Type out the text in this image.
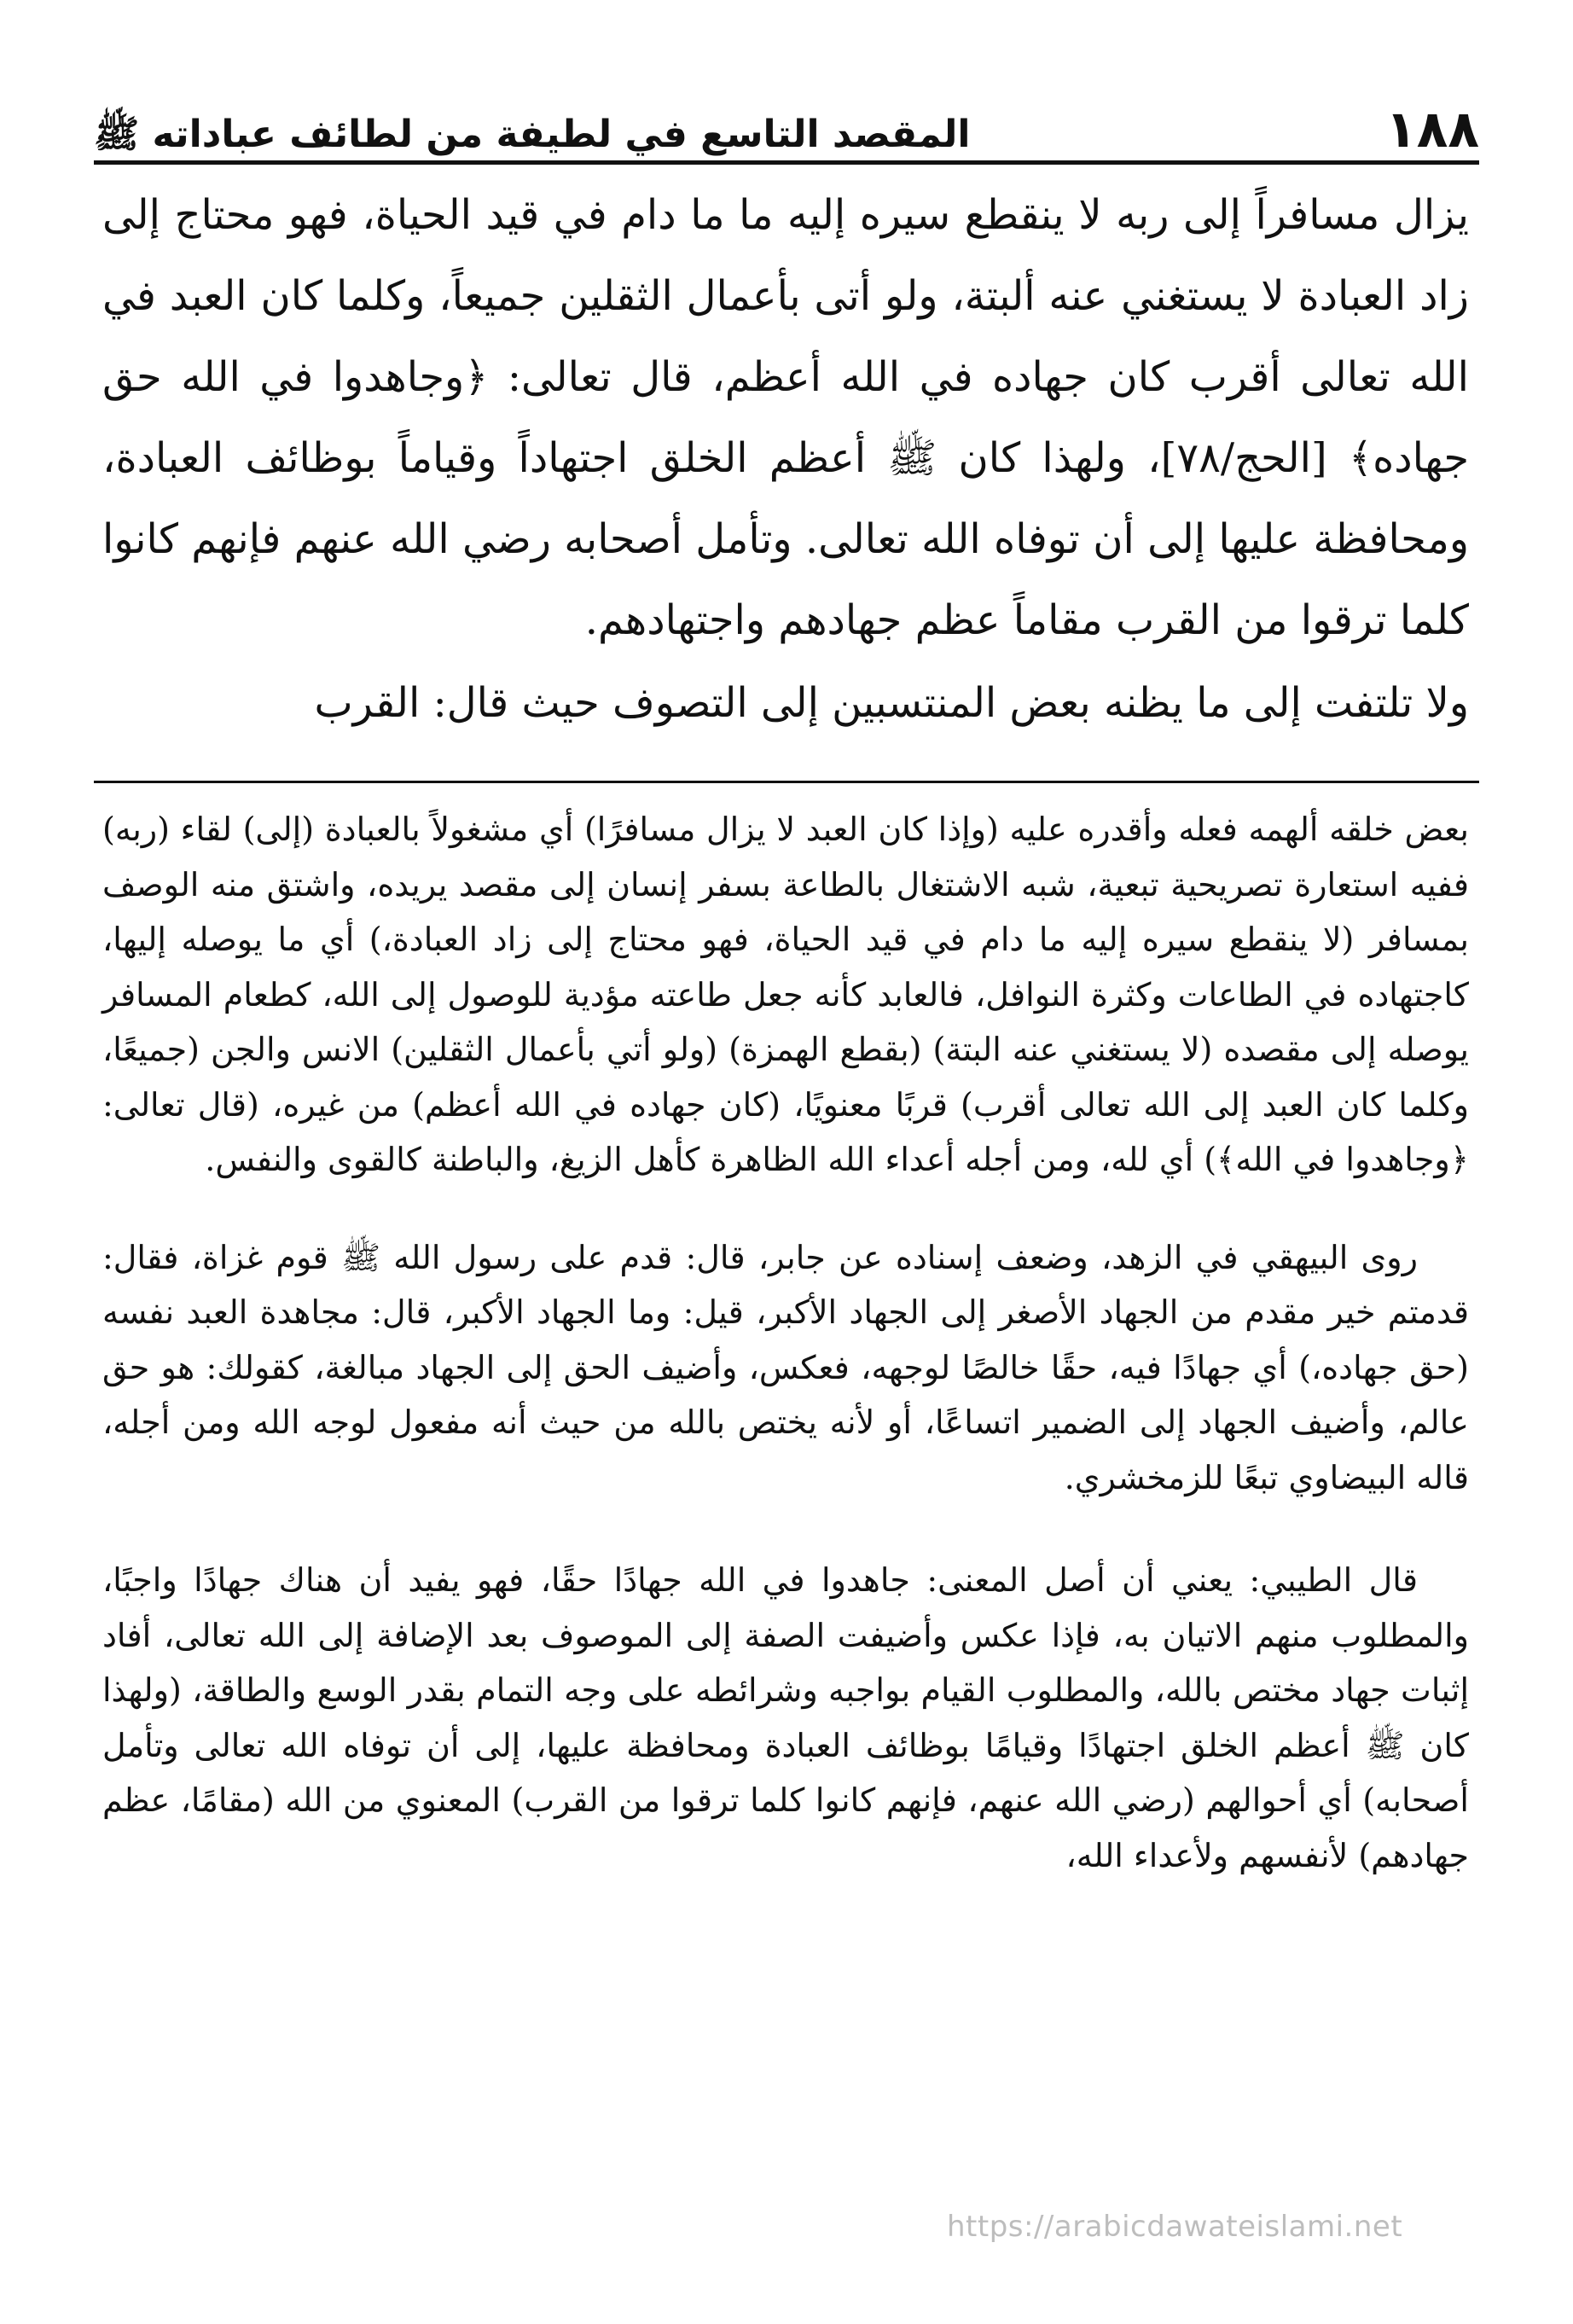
١٨٨
المقصد التاسع في لطيفة من لطائف عباداته ﷺ

يزال مسافراً إلى ربه لا ينقطع سيره إليه ما ما دام في قيد الحياة، فهو محتاج إلى زاد العبادة لا يستغني عنه ألبتة، ولو أتى بأعمال الثقلين جميعاً، وكلما كان العبد في الله تعالى أقرب كان جهاده في الله أعظم، قال تعالى: ﴿وجاهدوا في الله حق جهاده﴾ [الحج/٧٨]، ولهذا كان ﷺ أعظم الخلق اجتهاداً وقياماً بوظائف العبادة، ومحافظة عليها إلى أن توفاه الله تعالى. وتأمل أصحابه رضي الله عنهم فإنهم كانوا كلما ترقوا من القرب مقاماً عظم جهادهم واجتهادهم.

ولا تلتفت إلى ما يظنه بعض المنتسبين إلى التصوف حيث قال: القرب

بعض خلقه ألهمه فعله وأقدره عليه (وإذا كان العبد لا يزال مسافرًا) أي مشغولاً بالعبادة (إلى) لقاء (ربه) ففيه استعارة تصريحية تبعية، شبه الاشتغال بالطاعة بسفر إنسان إلى مقصد يريده، واشتق منه الوصف بمسافر (لا ينقطع سيره إليه ما دام في قيد الحياة، فهو محتاج إلى زاد العبادة،) أي ما يوصله إليها، كاجتهاده في الطاعات وكثرة النوافل، فالعابد كأنه جعل طاعته مؤدية للوصول إلى الله، كطعام المسافر يوصله إلى مقصده (لا يستغني عنه البتة) (بقطع الهمزة) (ولو أتي بأعمال الثقلين) الانس والجن (جميعًا، وكلما كان العبد إلى الله تعالى أقرب) قربًا معنويًا، (كان جهاده في الله أعظم) من غيره، (قال تعالى: ﴿وجاهدوا في الله﴾) أي لله، ومن أجله أعداء الله الظاهرة كأهل الزيغ، والباطنة كالقوى والنفس.

روى البيهقي في الزهد، وضعف إسناده عن جابر، قال: قدم على رسول الله ﷺ قوم غزاة، فقال: قدمتم خير مقدم من الجهاد الأصغر إلى الجهاد الأكبر، قيل: وما الجهاد الأكبر، قال: مجاهدة العبد نفسه (حق جهاده،) أي جهادًا فيه، حقًا خالصًا لوجهه، فعكس، وأضيف الحق إلى الجهاد مبالغة، كقولك: هو حق عالم، وأضيف الجهاد إلى الضمير اتساعًا، أو لأنه يختص بالله من حيث أنه مفعول لوجه الله ومن أجله، قاله البيضاوي تبعًا للزمخشري.

قال الطيبي: يعني أن أصل المعنى: جاهدوا في الله جهادًا حقًا، فهو يفيد أن هناك جهادًا واجبًا، والمطلوب منهم الاتيان به، فإذا عكس وأضيفت الصفة إلى الموصوف بعد الإضافة إلى الله تعالى، أفاد إثبات جهاد مختص بالله، والمطلوب القيام بواجبه وشرائطه على وجه التمام بقدر الوسع والطاقة، (ولهذا كان ﷺ أعظم الخلق اجتهادًا وقيامًا بوظائف العبادة ومحافظة عليها، إلى أن توفاه الله تعالى وتأمل أصحابه) أي أحوالهم (رضي الله عنهم، فإنهم كانوا كلما ترقوا من القرب) المعنوي من الله (مقامًا، عظم جهادهم) لأنفسهم ولأعداء الله،

https://arabicdawateislami.net
